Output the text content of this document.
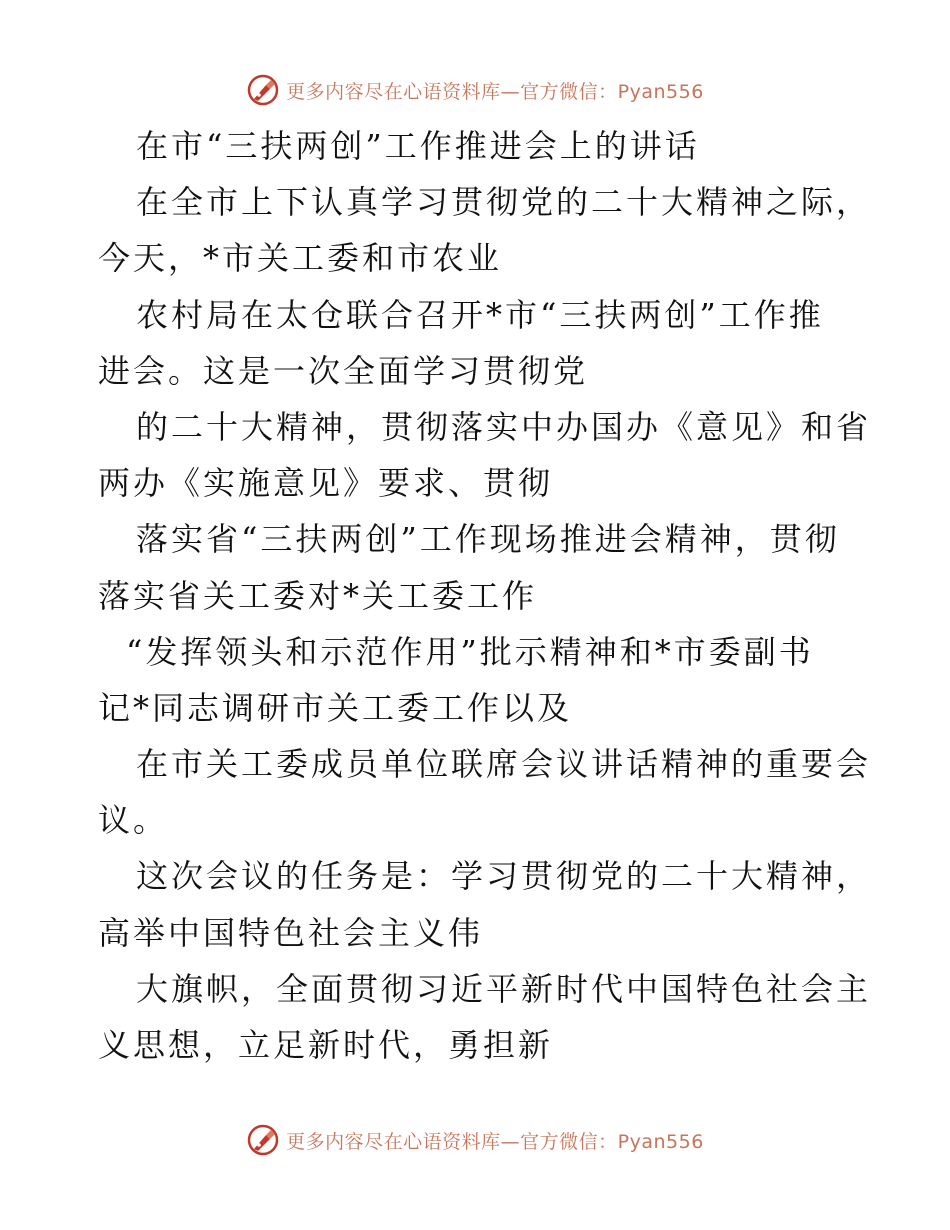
更多内容尽在心语资料库—官方微信：Pyan556
在市“三扶两创”工作推进会上的讲话
在全市上下认真学习贯彻党的二十大精神之际，
今天，*市关工委和市农业
农村局在太仓联合召开*市“三扶两创”工作推
进会。这是一次全面学习贯彻党
的二十大精神，贯彻落实中办国办《意见》和省
两办《实施意见》要求、贯彻
落实省“三扶两创”工作现场推进会精神，贯彻
落实省关工委对*关工委工作
“发挥领头和示范作用”批示精神和*市委副书
记*同志调研市关工委工作以及
在市关工委成员单位联席会议讲话精神的重要会
议。
这次会议的任务是：学习贯彻党的二十大精神，
高举中国特色社会主义伟
大旗帜，全面贯彻习近平新时代中国特色社会主
义思想，立足新时代，勇担新
更多内容尽在心语资料库—官方微信：Pyan556
